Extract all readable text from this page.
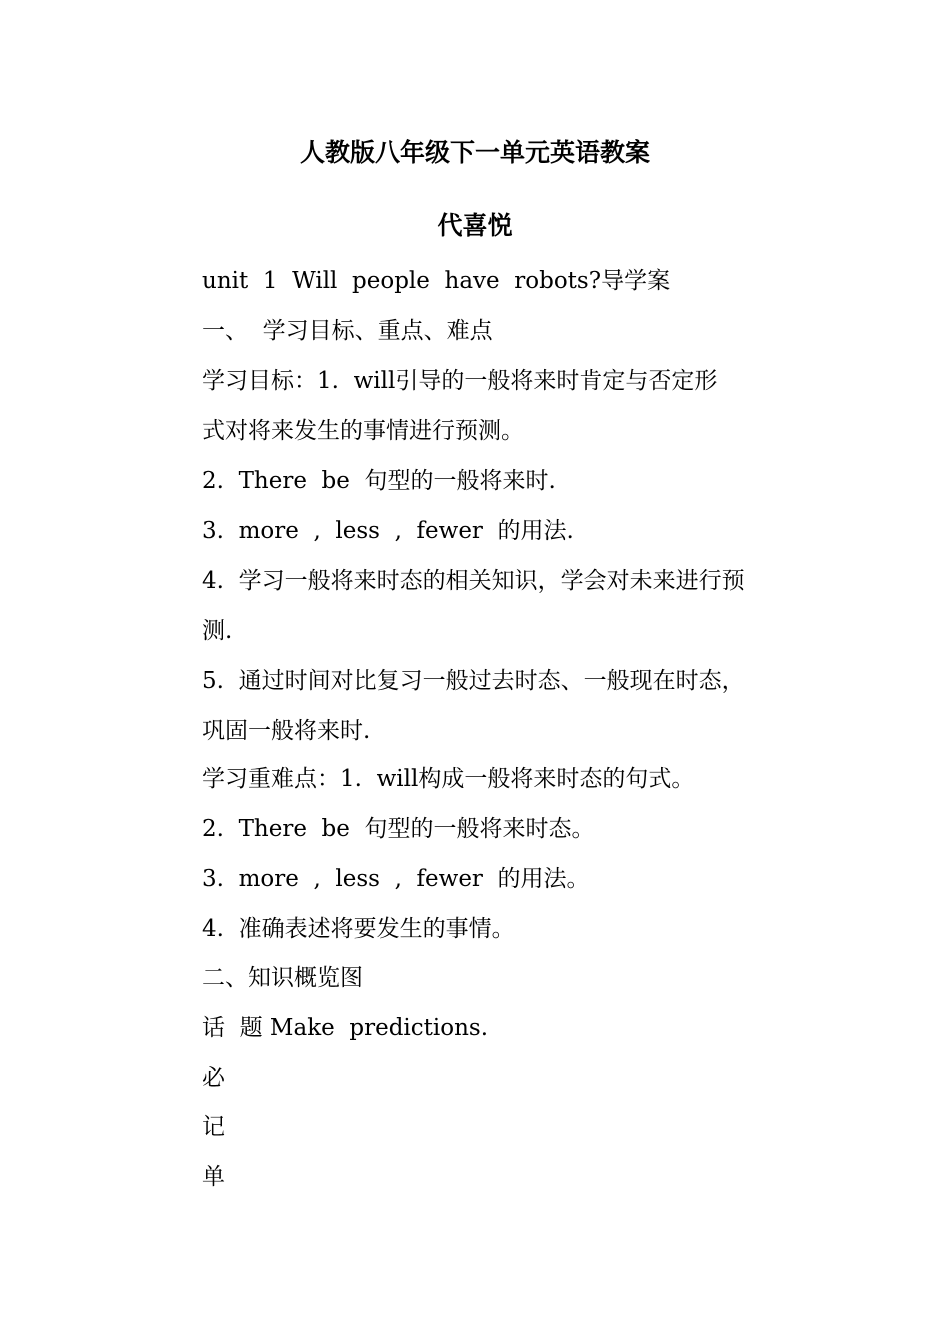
人教版八年级下一单元英语教案
代喜悦
unit  1  Will  people  have  robots?导学案
一、  学习目标、重点、难点
学习目标：1.  will引导的一般将来时肯定与否定形
式对将来发生的事情进行预测。
2.  There  be  句型的一般将来时.
3.  more  ,  less  ,  fewer  的用法.
4.  学习一般将来时态的相关知识，学会对未来进行预
测.
5.  通过时间对比复习一般过去时态、一般现在时态，
巩固一般将来时.
学习重难点：1.  will构成一般将来时态的句式。
2.  There  be  句型的一般将来时态。
3.  more  ,  less  ,  fewer  的用法。
4.  准确表述将要发生的事情。
二、知识概览图
话  题 Make  predictions.
必
记
单
